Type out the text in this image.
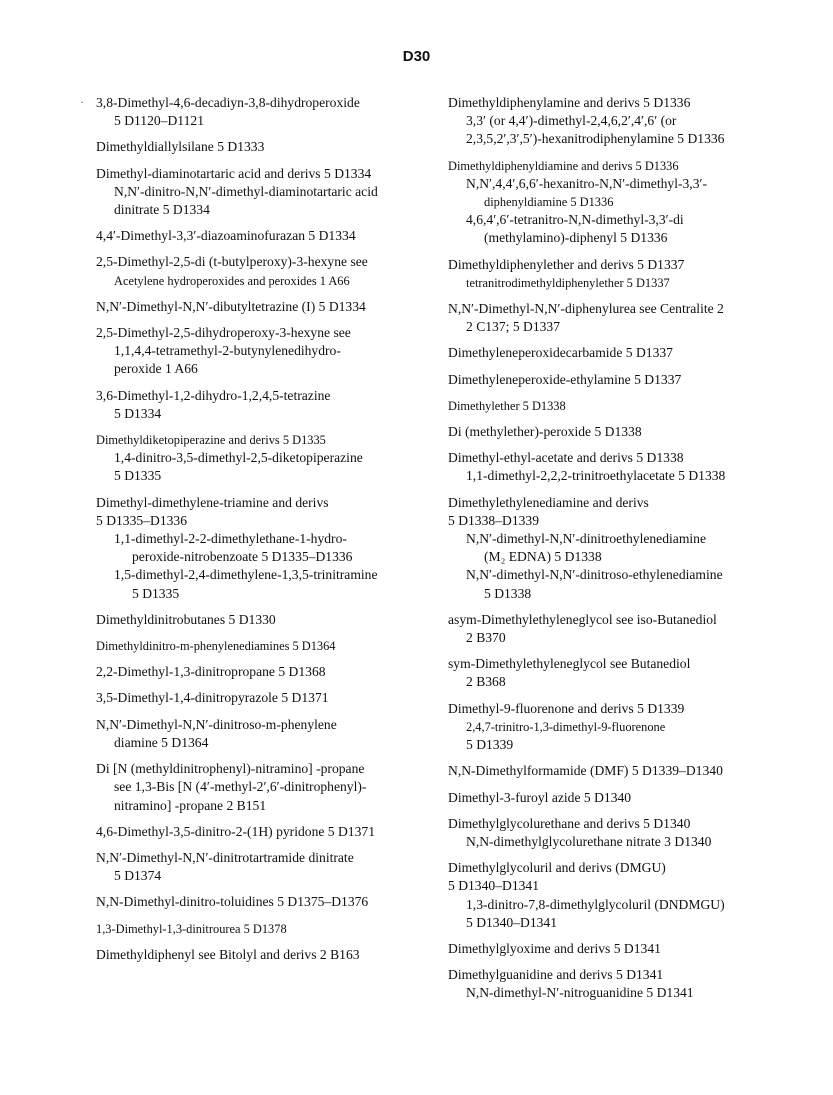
D30
3,8-Dimethyl-4,6-decadiyn-3,8-dihydroperoxide
5 D1120–D1121
Dimethyldiallylsilane 5 D1333
Dimethyl-diaminotartaric acid and derivs 5 D1334
N,N′-dinitro-N,N′-dimethyl-diaminotartaric acid
dinitrate 5 D1334
4,4′-Dimethyl-3,3′-diazoaminofurazan 5 D1334
2,5-Dimethyl-2,5-di (t-butylperoxy)-3-hexyne see
Acetylene hydroperoxides and peroxides 1 A66
N,N′-Dimethyl-N,N′-dibutyltetrazine (I) 5 D1334
2,5-Dimethyl-2,5-dihydroperoxy-3-hexyne see
1,1,4,4-tetramethyl-2-butynylenedihydro-
peroxide 1 A66
3,6-Dimethyl-1,2-dihydro-1,2,4,5-tetrazine
5 D1334
Dimethyldiketopiperazine and derivs 5 D1335
1,4-dinitro-3,5-dimethyl-2,5-diketopiperazine
5 D1335
Dimethyl-dimethylene-triamine and derivs
5 D1335–D1336
1,1-dimethyl-2-2-dimethylethane-1-hydro-
peroxide-nitrobenzoate 5 D1335–D1336
1,5-dimethyl-2,4-dimethylene-1,3,5-trinitramine
5 D1335
Dimethyldinitrobutanes 5 D1330
Dimethyldinitro-m-phenylenediamines 5 D1364
2,2-Dimethyl-1,3-dinitropropane 5 D1368
3,5-Dimethyl-1,4-dinitropyrazole 5 D1371
N,N′-Dimethyl-N,N′-dinitroso-m-phenylene
diamine 5 D1364
Di [N (methyldinitrophenyl)-nitramino] -propane
see 1,3-Bis [N (4′-methyl-2′,6′-dinitrophenyl)-
nitramino] -propane 2 B151
4,6-Dimethyl-3,5-dinitro-2-(1H) pyridone 5 D1371
N,N′-Dimethyl-N,N′-dinitrotartramide dinitrate
5 D1374
N,N-Dimethyl-dinitro-toluidines 5 D1375–D1376
1,3-Dimethyl-1,3-dinitrourea 5 D1378
Dimethyldiphenyl see Bitolyl and derivs 2 B163
Dimethyldiphenylamine and derivs 5 D1336
3,3′ (or 4,4′)-dimethyl-2,4,6,2′,4′,6′ (or
2,3,5,2′,3′,5′)-hexanitrodiphenylamine 5 D1336
Dimethyldiphenyldiamine and derivs 5 D1336
N,N′,4,4′,6,6′-hexanitro-N,N′-dimethyl-3,3′-
diphenyldiamine 5 D1336
4,6,4′,6′-tetranitro-N,N-dimethyl-3,3′-di
(methylamino)-diphenyl 5 D1336
Dimethyldiphenylether and derivs 5 D1337
tetranitrodimethyldiphenylether 5 D1337
N,N′-Dimethyl-N,N′-diphenylurea see Centralite 2
2 C137; 5 D1337
Dimethyleneperoxidecarbamide 5 D1337
Dimethyleneperoxide-ethylamine 5 D1337
Dimethylether 5 D1338
Di (methylether)-peroxide 5 D1338
Dimethyl-ethyl-acetate and derivs 5 D1338
1,1-dimethyl-2,2,2-trinitroethylacetate 5 D1338
Dimethylethylenediamine and derivs
5 D1338–D1339
N,N′-dimethyl-N,N′-dinitroethylenediamine
(M₂ EDNA) 5 D1338
N,N′-dimethyl-N,N′-dinitroso-ethylenediamine
5 D1338
asym-Dimethylethyleneglycol see iso-Butanediol
2 B370
sym-Dimethylethyleneglycol see Butanediol
2 B368
Dimethyl-9-fluorenone and derivs 5 D1339
2,4,7-trinitro-1,3-dimethyl-9-fluorenone
5 D1339
N,N-Dimethylformamide (DMF) 5 D1339–D1340
Dimethyl-3-furoyl azide 5 D1340
Dimethylglycolurethane and derivs 5 D1340
N,N-dimethylglycolurethane nitrate 3 D1340
Dimethylglycoluril and derivs (DMGU)
5 D1340–D1341
1,3-dinitro-7,8-dimethylglycoluril (DNDMGU)
5 D1340–D1341
Dimethylglyoxime and derivs 5 D1341
Dimethylguanidine and derivs 5 D1341
N,N-dimethyl-N′-nitroguanidine 5 D1341
·
